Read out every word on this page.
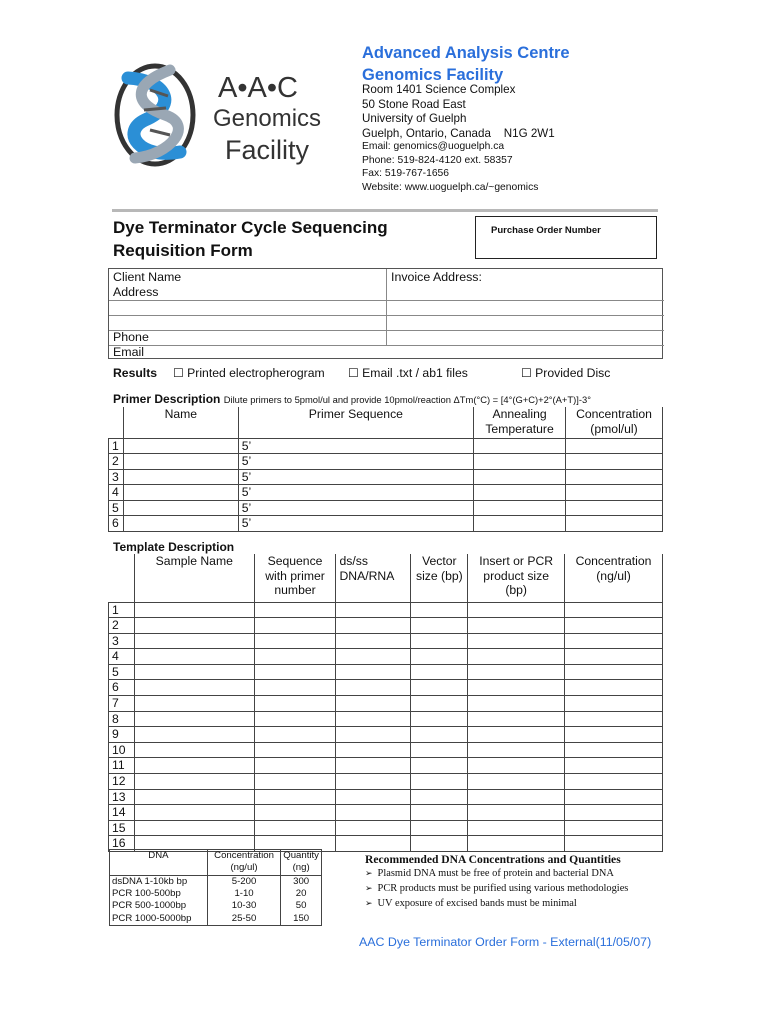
A•A•C
Genomics
Facility
Advanced Analysis Centre
Genomics Facility
Room 1401 Science Complex
50 Stone Road East
University of Guelph
Guelph, Ontario, Canada    N1G 2W1
Email: genomics@uoguelph.ca
Phone: 519-824-4120 ext. 58357
Fax: 519-767-1656
Website: www.uoguelph.ca/~genomics
Dye Terminator Cycle Sequencing
Requisition Form
Purchase Order Number
Client Name
Address
Invoice Address:
Phone
Email
Results ☐ Printed electropherogram ☐ Email .txt / ab1 files	☐ Provided Disc
Primer Description Dilute primers to 5pmol/ul and provide 10pmol/reaction ΔTm(°C) = [4°(G+C)+2°(A+T)]-3°
	Name	Primer Sequence	Annealing Temperature	Concentration (pmol/ul)
1		5’		
2		5’		
3		5’		
4		5’		
5		5’		
6		5’		
Template Description
	Sample Name	Sequence with primer number	ds/ss DNA/RNA	Vector size (bp)	Insert or PCR product size (bp)	Concentration (ng/ul)
1						
2						
3						
4						
5						
6						
7						
8						
9						
10						
11						
12						
13						
14						
15						
16						
DNA	Concentration (ng/ul)	Quantity (ng)
dsDNA 1-10kb bp	5-200	300
PCR 100-500bp	1-10	20
PCR 500-1000bp	10-30	50
PCR 1000-5000bp	25-50	150
Recommended DNA Concentrations and Quantities
➢ Plasmid DNA must be free of protein and bacterial DNA
➢ PCR products must be purified using various methodologies
➢ UV exposure of excised bands must be minimal
AAC Dye Terminator Order Form - External(11/05/07)
